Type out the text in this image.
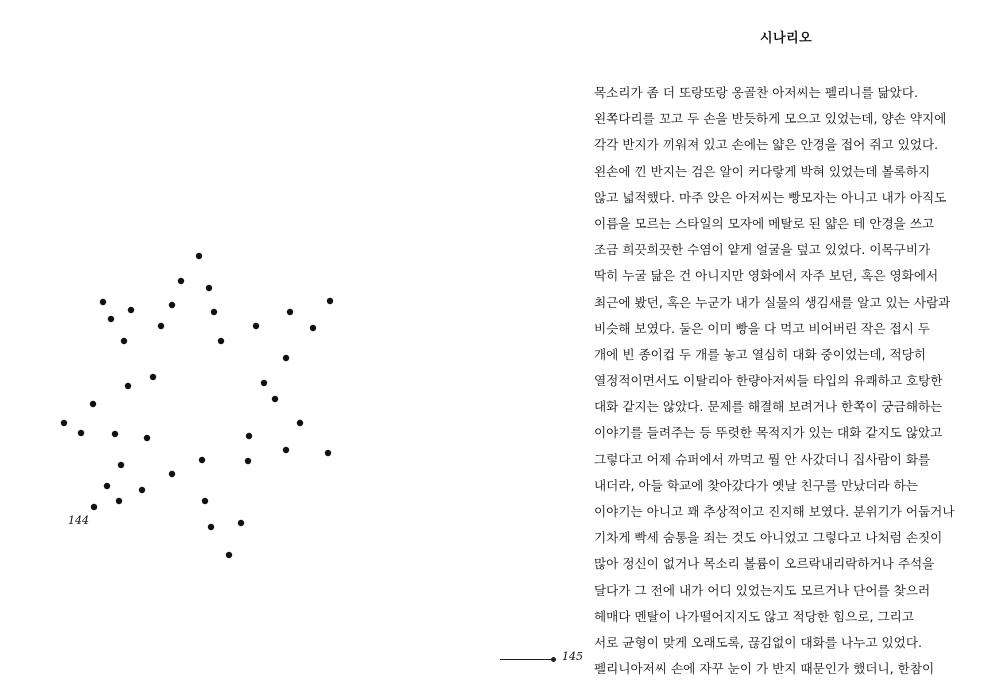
시나리오
144
목소리가 좀 더 또랑또랑 옹골찬 아저씨는 펠리니를 닮았다.
왼쪽다리를 꼬고 두 손을 반듯하게 모으고 있었는데, 양손 약지에
각각 반지가 끼워져 있고 손에는 얇은 안경을 접어 쥐고 있었다.
왼손에 낀 반지는 검은 알이 커다랗게 박혀 있었는데 볼록하지
않고 넓적했다. 마주 앉은 아저씨는 빵모자는 아니고 내가 아직도
이름을 모르는 스타일의 모자에 메탈로 된 얇은 테 안경을 쓰고
조금 희끗희끗한 수염이 얕게 얼굴을 덮고 있었다. 이목구비가
딱히 누굴 닮은 건 아니지만 영화에서 자주 보던, 혹은 영화에서
최근에 봤던, 혹은 누군가 내가 실물의 생김새를 알고 있는 사람과
비슷해 보였다. 둘은 이미 빵을 다 먹고 비어버린 작은 접시 두
개에 빈 종이컵 두 개를 놓고 열심히 대화 중이었는데, 적당히
열정적이면서도 이탈리아 한량아저씨들 타입의 유쾌하고 호탕한
대화 같지는 않았다. 문제를 해결해 보려거나 한쪽이 궁금해하는
이야기를 들려주는 등 뚜렷한 목적지가 있는 대화 같지도 않았고
그렇다고 어제 슈퍼에서 까먹고 뭘 안 사갔더니 집사람이 화를
내더라, 아들 학교에 찾아갔다가 옛날 친구를 만났더라 하는
이야기는 아니고 꽤 추상적이고 진지해 보였다. 분위기가 어둡거나
기차게 빡세 숨통을 죄는 것도 아니었고 그렇다고 나처럼 손짓이
많아 정신이 없거나 목소리 볼륨이 오르락내리락하거나 주석을
달다가 그 전에 내가 어디 있었는지도 모르거나 단어를 찾으러
헤매다 멘탈이 나가떨어지지도 않고 적당한 힘으로, 그리고
서로 균형이 맞게 오래도록, 끊김없이 대화를 나누고 있었다.
펠리니아저씨 손에 자꾸 눈이 가 반지 때문인가 했더니, 한참이
145
